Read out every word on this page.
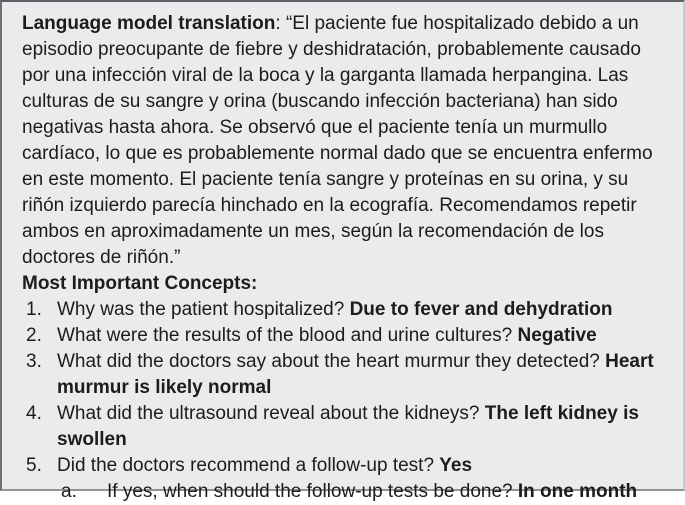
Language model translation: “El paciente fue hospitalizado debido a un episodio preocupante de fiebre y deshidratación, probablemente causado por una infección viral de la boca y la garganta llamada herpangina. Las culturas de su sangre y orina (buscando infección bacteriana) han sido negativas hasta ahora. Se observó que el paciente tenía un murmullo cardíaco, lo que es probablemente normal dado que se encuentra enfermo en este momento. El paciente tenía sangre y proteínas en su orina, y su riñón izquierdo parecía hinchado en la ecografía. Recomendamos repetir ambos en aproximadamente un mes, según la recomendación de los doctores de riñón.”

Most Important Concepts:

1. Why was the patient hospitalized? Due to fever and dehydration
2. What were the results of the blood and urine cultures? Negative
3. What did the doctors say about the heart murmur they detected? Heart murmur is likely normal
4. What did the ultrasound reveal about the kidneys? The left kidney is swollen
5. Did the doctors recommend a follow-up test? Yes
a.	If yes, when should the follow-up tests be done? In one month
